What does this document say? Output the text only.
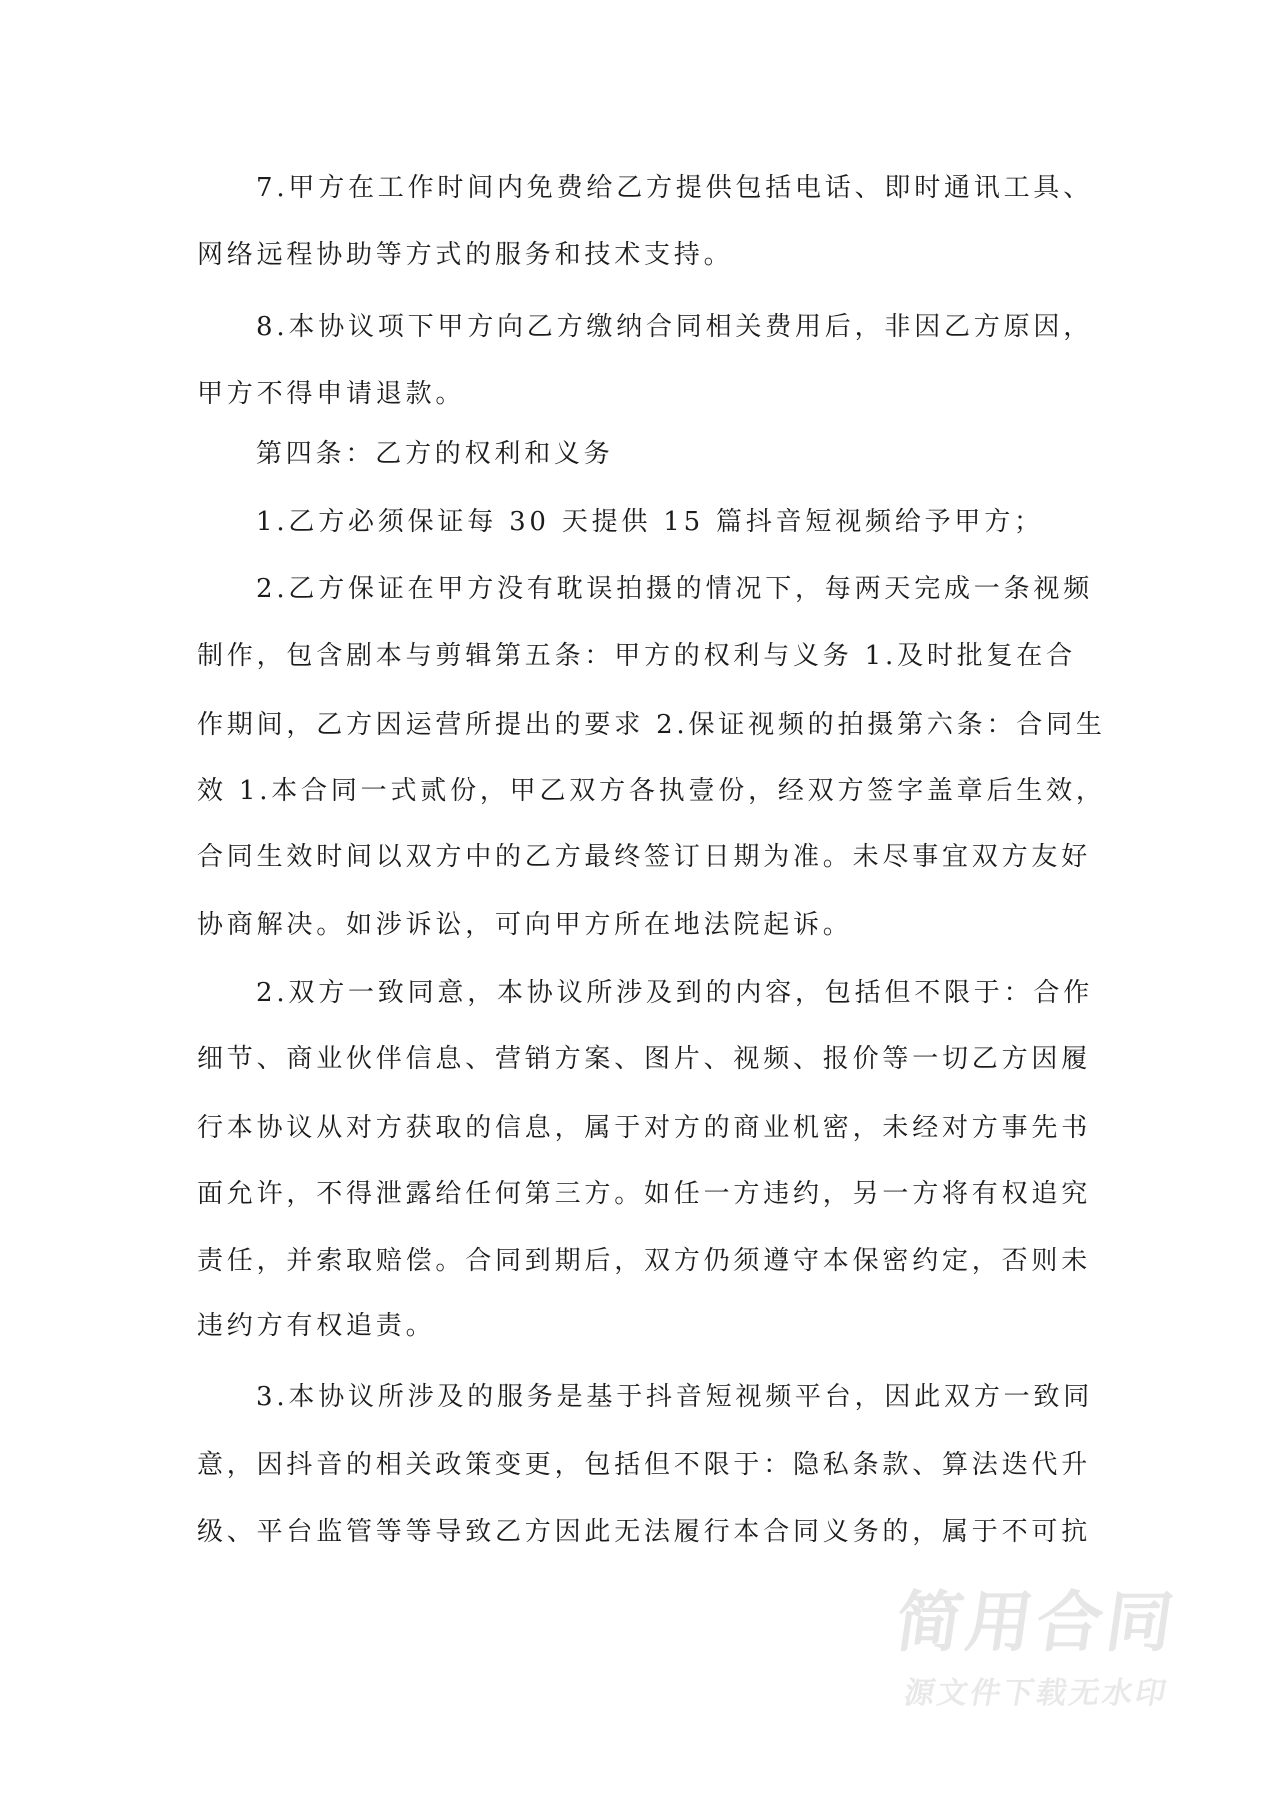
7.甲方在工作时间内免费给乙方提供包括电话、即时通讯工具、
网络远程协助等方式的服务和技术支持。
8.本协议项下甲方向乙方缴纳合同相关费用后，非因乙方原因，
甲方不得申请退款。
第四条：乙方的权利和义务
1.乙方必须保证每 30 天提供 15 篇抖音短视频给予甲方；
2.乙方保证在甲方没有耽误拍摄的情况下，每两天完成一条视频
制作，包含剧本与剪辑第五条：甲方的权利与义务 1.及时批复在合
作期间，乙方因运营所提出的要求 2.保证视频的拍摄第六条：合同生
效 1.本合同一式贰份，甲乙双方各执壹份，经双方签字盖章后生效，
合同生效时间以双方中的乙方最终签订日期为准。未尽事宜双方友好
协商解决。如涉诉讼，可向甲方所在地法院起诉。
2.双方一致同意，本协议所涉及到的内容，包括但不限于：合作
细节、商业伙伴信息、营销方案、图片、视频、报价等一切乙方因履
行本协议从对方获取的信息，属于对方的商业机密，未经对方事先书
面允许，不得泄露给任何第三方。如任一方违约，另一方将有权追究
责任，并索取赔偿。合同到期后，双方仍须遵守本保密约定，否则未
违约方有权追责。
3.本协议所涉及的服务是基于抖音短视频平台，因此双方一致同
意，因抖音的相关政策变更，包括但不限于：隐私条款、算法迭代升
级、平台监管等等导致乙方因此无法履行本合同义务的，属于不可抗
简用合同
源文件下载无水印
